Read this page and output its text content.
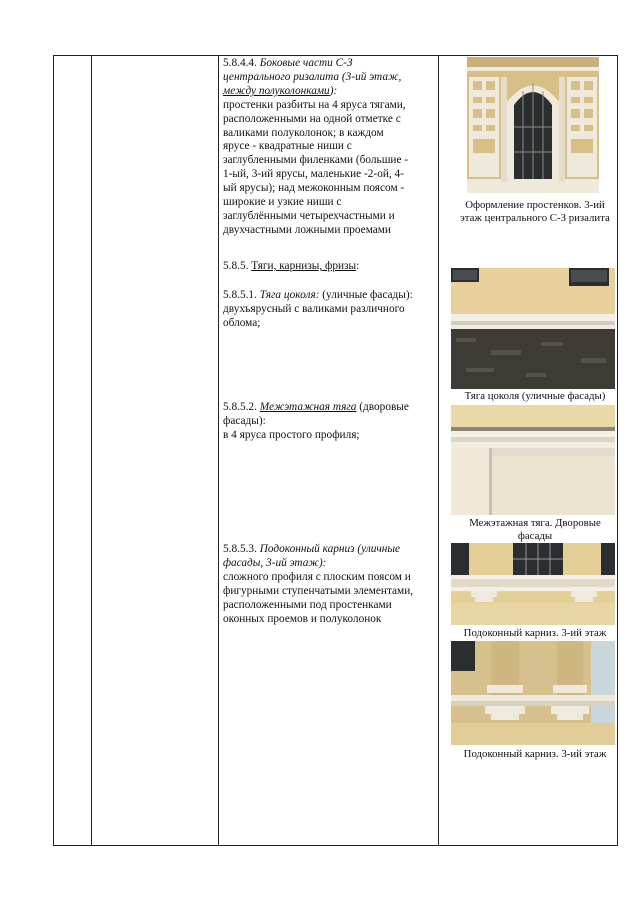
5.8.4.4. Боковые части С-З
центрального ризалита (3-ий этаж,
между полуколонками):
простенки разбиты на 4 яруса тягами,
расположенными на одной отметке с
валиками полуколонок; в каждом
ярусе - квадратные ниши с
заглубленными филенками (большие -
1-ый, 3-ий ярусы, маленькие -2-ой, 4-
ый ярусы); над межоконным поясом -
широкие и узкие ниши с
заглублёнными четырехчастными и
двухчастными ложными проемами
5.8.5. Тяги, карнизы, фризы:
5.8.5.1. Тяга цоколя: (уличные фасады):
двухъярусный с валиками различного
облома;
5.8.5.2. Межэтажная тяга (дворовые
фасады):
в 4 яруса простого профиля;
5.8.5.3. Подоконный карниз (уличные
фасады, 3-ий этаж):
сложного профиля с плоским поясом и
фигурными ступенчатыми элементами,
расположенными под простенками
оконных проемов и полуколонок
Оформление простенков. 3-ий
этаж центрального С-З ризалита
Тяга цоколя (уличные фасады)
Межэтажная тяга. Дворовые
фасады
Подоконный карниз. 3-ий этаж
Подоконный карниз. 3-ий этаж
